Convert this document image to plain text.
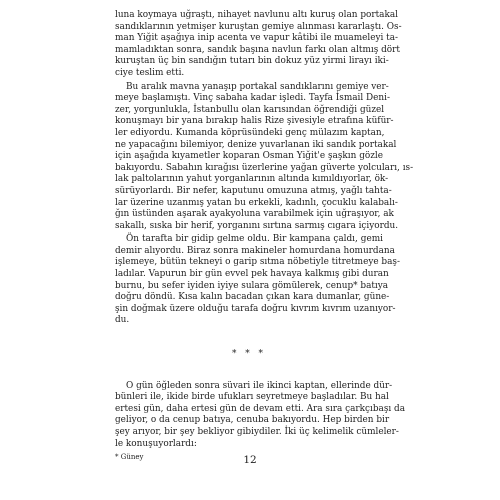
luna koymaya uğraştı, nihayet navlunu altı kuruş olan portakal
sandıklarının yetmişer kuruştan gemiye alınması kararlaştı. Os-
man Yiğit aşağıya inip acenta ve vapur kâtibi ile muameleyi ta-
mamladıktan sonra, sandık başına navlun farkı olan altmış dört
kuruştan üç bin sandığın tutarı bin dokuz yüz yirmi lirayı iki-
ciye teslim etti.
Bu aralık mavna yanaşıp portakal sandıklarını gemiye ver-
meye başlamıştı. Vinç sabaha kadar işledi. Tayfa İsmail Deni-
zer, yorgunlukla, İstanbullu olan karısından öğrendiği güzel
konuşmayı bir yana bırakıp halis Rize şivesiyle etrafına küfür-
ler ediyordu. Kumanda köprüsündeki genç mülazım kaptan,
ne yapacağını bilemiyor, denize yuvarlanan iki sandık portakal
için aşağıda kıyametler koparan Osman Yiğit'e şaşkın gözle
bakıyordu. Sabahın kırağısı üzerlerine yağan güverte yolcuları, ıs-
lak paltolarının yahut yorganlarının altında kımıldıyorlar, ök-
sürüyorlardı. Bir nefer, kaputunu omuzuna atmış, yağlı tahta-
lar üzerine uzanmış yatan bu erkekli, kadınlı, çocuklu kalabalı-
ğın üstünden aşarak ayakyoluna varabilmek için uğraşıyor, ak
sakallı, sıska bir herif, yorganını sırtına sarmış cıgara içiyordu.
Ön tarafta bir gidip gelme oldu. Bir kampana çaldı, gemi
demir alıyordu. Biraz sonra makineler homurdana homurdana
işlemeye, bütün tekneyi o garip sıtma nöbetiyle titretmeye baş-
ladılar. Vapurun bir gün evvel pek havaya kalkmış gibi duran
burnu, bu sefer iyiden iyiye sulara gömülerek, cenup* batıya
doğru döndü. Kısa kalın bacadan çıkan kara dumanlar, güne-
şin doğmak üzere olduğu tarafa doğru kıvrım kıvrım uzanıyor-
du.
* * *
O gün öğleden sonra süvari ile ikinci kaptan, ellerinde dür-
bünleri ile, ikide birde ufukları seyretmeye başladılar. Bu hal
ertesi gün, daha ertesi gün de devam etti. Ara sıra çarkçıbaşı da
geliyor, o da cenup batıya, cenuba bakıyordu. Hep birden bir
şey arıyor, bir şey bekliyor gibiydiler. İki üç kelimelik cümleler-
le konuşuyorlardı:
* Güney	12
